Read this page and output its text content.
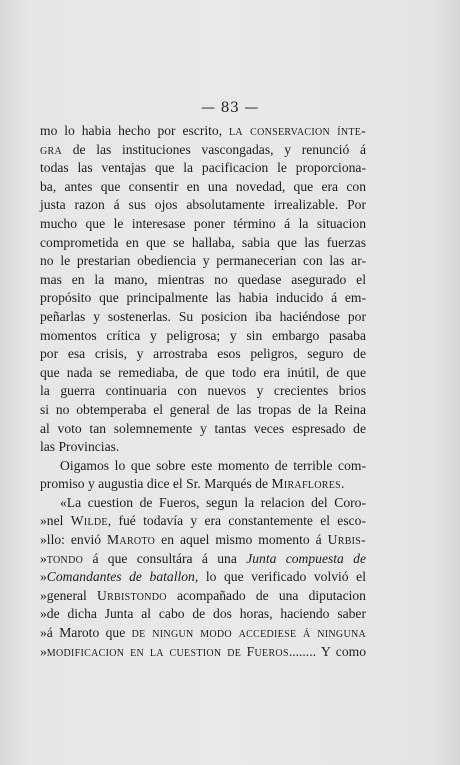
— 83 —
mo lo habia hecho por escrito, la conservacion ínte-
gra de las instituciones vascongadas, y renunció á
todas las ventajas que la pacificacion le proporciona-
ba, antes que consentir en una novedad, que era con
justa razon á sus ojos absolutamente irrealizable. Por
mucho que le interesase poner término á la situacion
comprometida en que se hallaba, sabia que las fuerzas
no le prestarian obediencia y permanecerian con las ar-
mas en la mano, mientras no quedase asegurado el
propósito que principalmente las habia inducido á em-
peñarlas y sostenerlas. Su posicion iba haciéndose por
momentos crítica y peligrosa; y sin embargo pasaba
por esa crisis, y arrostraba esos peligros, seguro de
que nada se remediaba, de que todo era inútil, de que
la guerra continuaria con nuevos y crecientes brios
si no obtemperaba el general de las tropas de la Reina
al voto tan solemnemente y tantas veces espresado de
las Provincias.
Oigamos lo que sobre este momento de terrible com-
promiso y augustia dice el Sr. Marqués de Miraflores.
«La cuestion de Fueros, segun la relacion del Coro-
»nel Wilde, fué todavía y era constantemente el esco-
»llo: envió Maroto en aquel mismo momento á Urbis-
»tondo á que consultára á una Junta compuesta de
»Comandantes de batallon, lo que verificado volvió el
»general Urbistondo acompañado de una diputacion
»de dicha Junta al cabo de dos horas, haciendo saber
»á Maroto que de ningun modo accediese á ninguna
»modificacion en la cuestion de Fueros........ Y como
